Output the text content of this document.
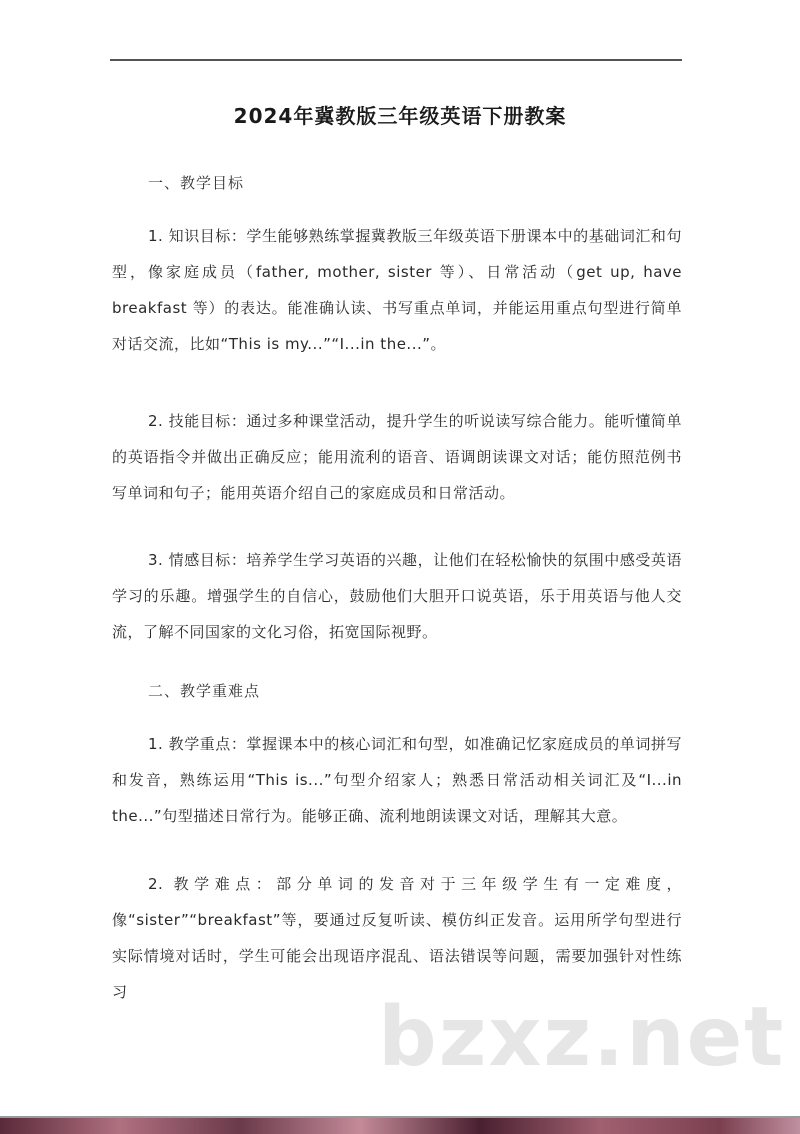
2024年冀教版三年级英语下册教案
一、教学目标
1. 知识目标：学生能够熟练掌握冀教版三年级英语下册课本中的基础词汇和句型，像家庭成员（father, mother, sister 等）、日常活动（get up, have breakfast 等）的表达。能准确认读、书写重点单词，并能运用重点句型进行简单对话交流，比如“This is my...”“I...in the...”。
2. 技能目标：通过多种课堂活动，提升学生的听说读写综合能力。能听懂简单的英语指令并做出正确反应；能用流利的语音、语调朗读课文对话；能仿照范例书写单词和句子；能用英语介绍自己的家庭成员和日常活动。
3. 情感目标：培养学生学习英语的兴趣，让他们在轻松愉快的氛围中感受英语学习的乐趣。增强学生的自信心，鼓励他们大胆开口说英语，乐于用英语与他人交流，了解不同国家的文化习俗，拓宽国际视野。
二、教学重难点
1. 教学重点：掌握课本中的核心词汇和句型，如准确记忆家庭成员的单词拼写和发音，熟练运用“This is...”句型介绍家人；熟悉日常活动相关词汇及“I...in the...”句型描述日常行为。能够正确、流利地朗读课文对话，理解其大意。
2. 教学难点：部分单词的发音对于三年级学生有一定难度，像“sister”“breakfast”等，要通过反复听读、模仿纠正发音。运用所学句型进行实际情境对话时，学生可能会出现语序混乱、语法错误等问题，需要加强针对性练习	bzxz.net
